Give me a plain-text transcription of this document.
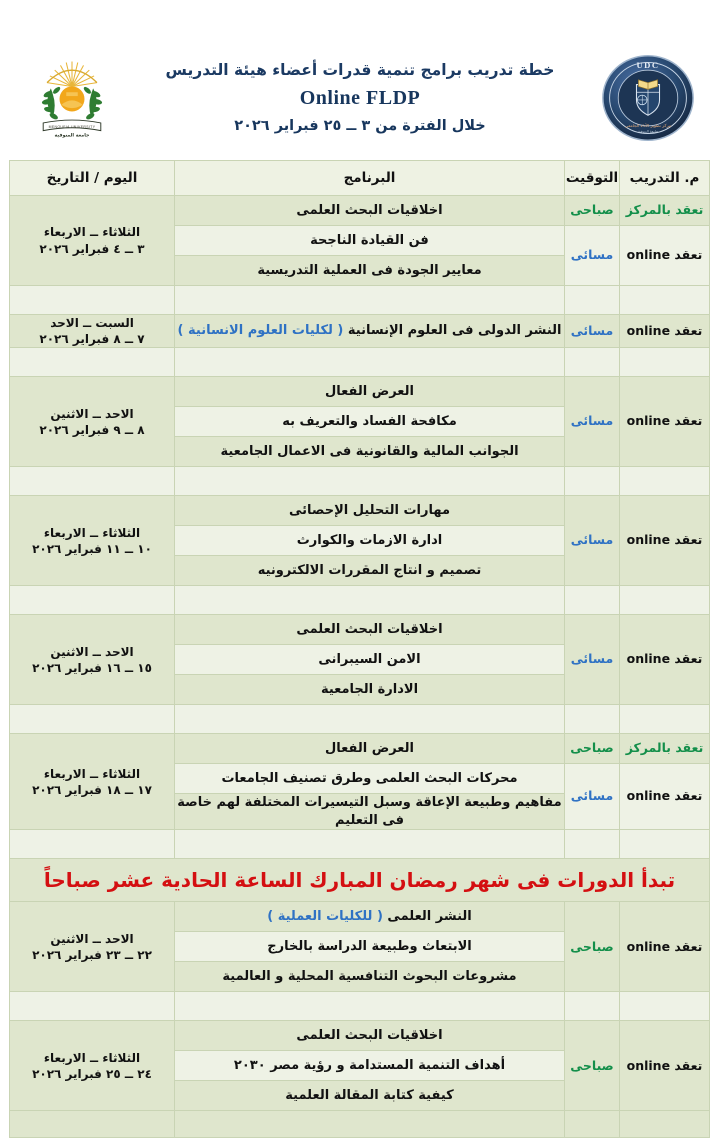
UDC
مركز تطوير الأداء الجامعي
جامعة المنوفية
خطة تدريب برامج تنمية قدرات أعضاء هيئة التدريس
Online FLDP
خلال الفترة من ٣ ــ ٢٥ فبراير ٢٠٢٦
MENOUFIA UNIVERSITY
جامعة المنوفية
م. التدريب	التوقيت	البرنامج	اليوم / التاريخ
تعقد بالمركز	صباحى	اخلاقيات البحث العلمى	الثلاثاء ــ الاربعاء
٣ ــ ٤ فبراير ٢٠٢٦
تعقد online	مسائى	فن القيادة الناجحة	
		معايير الجودة فى العملية التدريسية	

تعقد online	مسائى	النشر الدولى فى العلوم الإنسانية ( لكليات العلوم الانسانية )	السبت ــ الاحد
٧ ــ ٨ فبراير ٢٠٢٦

تعقد online	مسائى	العرض الفعال	الاحد ــ الاثنين
٨ ــ ٩ فبراير ٢٠٢٦
		مكافحة الفساد والتعريف به	
		الجوانب المالية والقانونية فى الاعمال الجامعية	

تعقد online	مسائى	مهارات التحليل الإحصائى	الثلاثاء ــ الاربعاء
١٠ ــ ١١ فبراير ٢٠٢٦
		ادارة الازمات والكوارث	
		تصميم و انتاج المقررات الالكترونيه	

تعقد online	مسائى	اخلاقيات البحث العلمى	الاحد ــ الاثنين
١٥ ــ ١٦ فبراير ٢٠٢٦
		الامن السيبرانى	
		الادارة الجامعية	

تعقد بالمركز	صباحى	العرض الفعال	الثلاثاء ــ الاربعاء
١٧ ــ ١٨ فبراير ٢٠٢٦
تعقد online	مسائى	محركات البحث العلمى وطرق تصنيف الجامعات	
		مفاهيم وطبيعة الإعاقة وسبل التيسيرات المختلفة لهم خاصة فى التعليم	

تبدأ الدورات فى شهر رمضان المبارك الساعة الحادية عشر صباحاً			
تعقد online	صباحى	النشر العلمى ( للكليات العملية )	الاحد ــ الاثنين
٢٢ ــ ٢٣ فبراير ٢٠٢٦
		الابتعاث وطبيعة الدراسة بالخارج	
		مشروعات البحوث التنافسية المحلية و العالمية	

تعقد online	صباحى	اخلاقيات البحث العلمى	الثلاثاء ــ الاربعاء
٢٤ ــ ٢٥ فبراير ٢٠٢٦
		أهداف التنمية المستدامة و رؤية مصر ٢٠٣٠	
		كيفية كتابة المقالة العلمية	
